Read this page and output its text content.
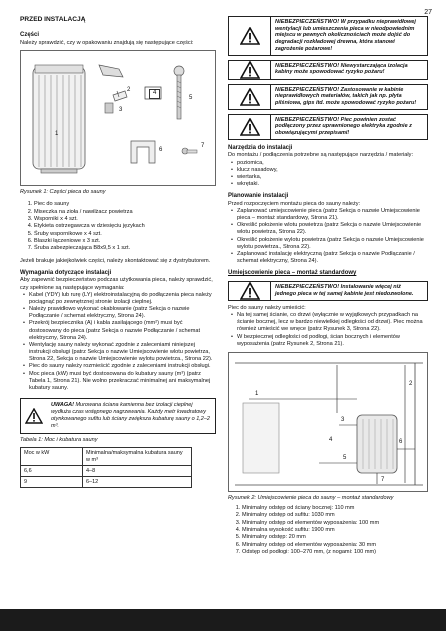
27
PRZED INSTALACJĄ
Części

Należy sprawdzić, czy w opakowaniu znajdują się następujące części:

1
2
3
4
5
6
7

Rysunek 1: Części pieca do sauny

1. Piec do sauny
2. Miseczka na zioła / nawilżacz powietrza
3. Wsporniki x 4 szt.
4. Etykieta ostrzegawcza w dziesięciu językach
5. Śruby wspornikowe x 4 szt.
6. Blaszki łączeniowe x 3 szt.
7. Śruba zabezpieczająca B8x9,5 x 1 szt.

Jeżeli brakuje jakiejkolwiek części, należy skontaktować się z dystrybutorem.

Wymagania dotyczące instalacji

Aby zapewnić bezpieczeństwo podczas użytkowania pieca, należy sprawdzić, czy spełnione są następujące wymagania:

• Kabel (YDY) lub rurę (LY) elektroinstalacyjną do podłączenia pieca należy pociągnąć po zewnętrznej stronie izolacji cieplnej.
• Należy prawidłowo wykonać okablowanie (patrz Sekcja o nazwie Podłączanie / schemat elektryczny, Strona 24).
• Przekrój bezpiecznika (A) i kabla zasilającego (mm²) musi być dostosowany do pieca (patrz Sekcja o nazwie Podłączanie / schemat elektryczny, Strona 24).
• Wentylację sauny należy wykonać zgodnie z zaleceniami niniejszej instrukcji obsługi (patrz Sekcja o nazwie Umiejscowienie wlotu powietrza, Strona 22, Sekcja o nazwie Umiejscowienie wylotu powietrza., Strona 22).
• Piec do sauny należy rozmieścić zgodnie z zaleceniami instrukcji obsługi.
• Moc pieca (kW) musi być dostosowana do kubatury sauny (m³) (patrz Tabela 1, Strona 21). Nie wolno przekraczać minimalnej ani maksymalnej kubatury sauny.
UWAGA! Murowana ściana kamienna bez izolacji cieplnej wydłuża czas wstępnego nagrzewania. Każdy metr kwadratowy otynkowanego sufitu lub ściany zwiększa kubaturę sauny o 1,2–2 m³.

Tabela 1: Moc i kubatura sauny

Moc w kW	Minimalna/maksymalna kubatura sauny w m³
6,6	4–8
9	6–12
NIEBEZPIECZEŃSTWO! W przypadku nieprawidłowej wentylacji lub umieszczenia pieca w nieodpowiednim miejscu w pewnych okolicznościach może dojść do degradacji rozkładowej drewna, która stanowi zagrożenie pożarowe!
NIEBEZPIECZEŃSTWO! Niewystarczająca izolacja kabiny może spowodować ryzyko pożaru!
NIEBEZPIECZEŃSTWO! Zastosowanie w kabinie nieprawidłowych materiałów, takich jak np. płyta pilśniowa, gips itd. może spowodować ryzyko pożaru!
NIEBEZPIECZEŃSTWO! Piec powinien zostać podłączony przez uprawnionego elektryka zgodnie z obowiązującymi przepisami!
Narzędzia do instalacji

Do montażu / podłączenia potrzebne są następujące narzędzia / materiały:

• poziomica,
• klucz nasadowy,
• wiertarka,
• wkrętaki.
Planowanie instalacji

Przed rozpoczęciem montażu pieca do sauny należy:

• Zaplanować umiejscowienie pieca (patrz Sekcja o nazwie Umiejscowienie pieca – montaż standardowy, Strona 21).
• Określić położenie wlotu powietrza (patrz Sekcja o nazwie Umiejscowienie wlotu powietrza, Strona 22).
• Określić położenie wylotu powietrza (patrz Sekcja o nazwie Umiejscowienie wylotu powietrza., Strona 22).
• Zaplanować instalację elektryczną (patrz Sekcja o nazwie Podłączanie / schemat elektryczny, Strona 24).
Umiejscowienie pieca – montaż standardowy
NIEBEZPIECZEŃSTWO! Instalowanie więcej niż jednego pieca w tej samej kabinie jest niedozwolone.

Piec do sauny należy umieścić:

• Na tej samej ścianie, co drzwi (wyłącznie w wyjątkowych przypadkach na ścianie bocznej, lecz w bardzo niewielkiej odległości od drzwi). Piec można również umieścić we wnęce (patrz Rysunek 3, Strona 22).
• W bezpiecznej odległości od podłogi, ścian bocznych i elementów wyposażenia (patrz Rysunek 2, Strona 21).
1
2
3
4
5
6
7

Rysunek 2: Umiejscowienie pieca do sauny – montaż standardowy

1. Minimalny odstęp od ściany bocznej: 110 mm
2. Minimalny odstęp od sufitu: 1030 mm
3. Minimalny odstęp od elementów wyposażenia: 100 mm
4. Minimalna wysokość sufitu: 1900 mm
5. Minimalny odstęp: 20 mm
6. Minimalny odstęp od elementów wyposażenia: 30 mm
7. Odstęp od podłogi: 100–270 mm, (z nogami: 100 mm)
